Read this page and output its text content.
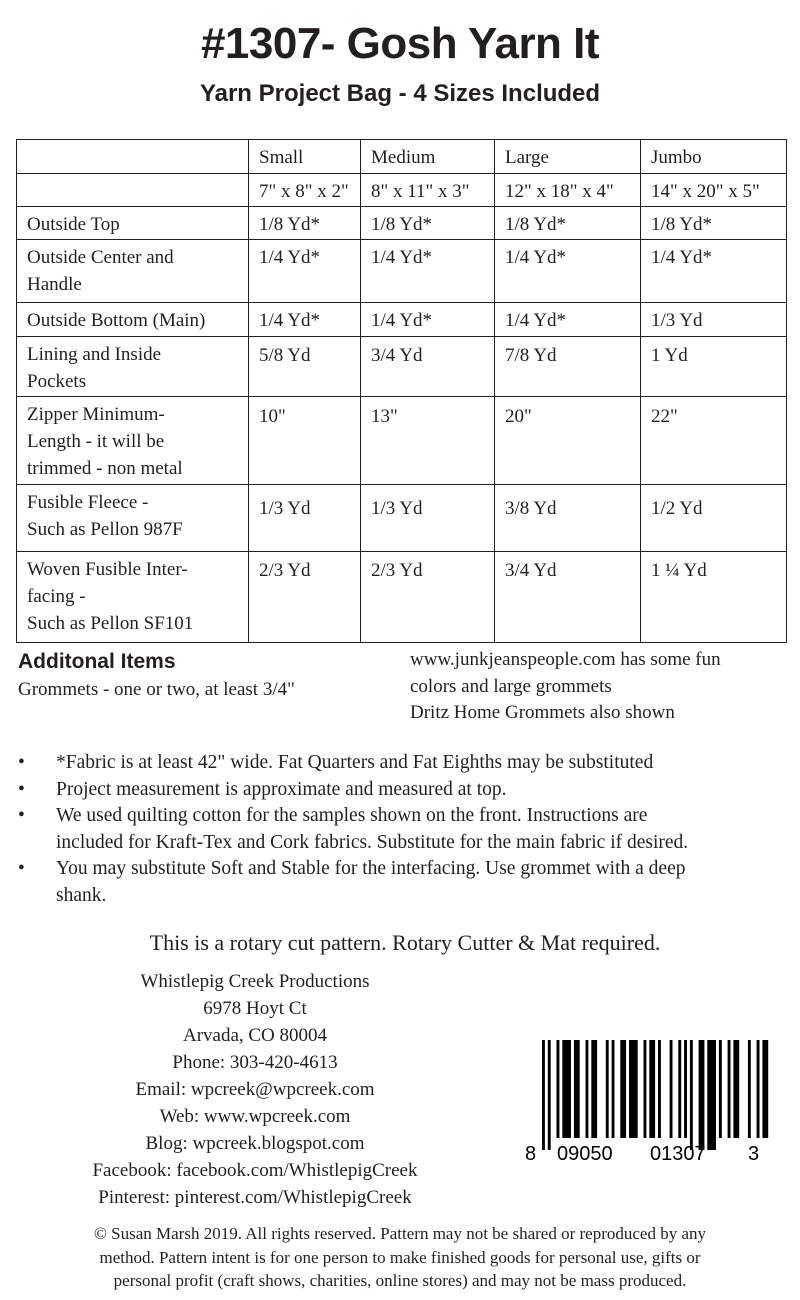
#1307- Gosh Yarn It
Yarn Project Bag - 4 Sizes Included
	Small	Medium	Large	Jumbo
	7" x 8" x 2"	8" x 11" x 3"	12" x 18" x 4"	14" x 20" x 5"

Outside Top	1/8 Yd*	1/8 Yd*	1/8 Yd*	1/8 Yd*

Outside Center and
Handle	1/4 Yd*	1/4 Yd*	1/4 Yd*	1/4 Yd*

Outside Bottom (Main)	1/4 Yd*	1/4 Yd*	1/4 Yd*	1/3 Yd

Lining and Inside
Pockets	5/8 Yd	3/4 Yd	7/8 Yd	1 Yd

Zipper Minimum-
Length - it will be
trimmed - non metal	10"	13"	20"	22"

Fusible Fleece -
Such as Pellon 987F	1/3 Yd	1/3 Yd	3/8 Yd	1/2 Yd

Woven Fusible Inter-
facing -
Such as Pellon SF101	2/3 Yd	2/3 Yd	3/4 Yd	1 ¼ Yd
Additonal Items
Grommets - one or two, at least 3/4"
www.junkjeanspeople.com has some fun
colors and large grommets
Dritz Home Grommets also shown
• *Fabric is at least 42" wide. Fat Quarters and Fat Eighths may be substituted
• Project measurement is approximate and measured at top.
• We used quilting cotton for the samples shown on the front. Instructions are
included for Kraft-Tex and Cork fabrics. Substitute for the main fabric if desired.
• You may substitute Soft and Stable for the interfacing. Use grommet with a deep
shank.
This is a rotary cut pattern. Rotary Cutter & Mat required.
Whistlepig Creek Productions
6978 Hoyt Ct
Arvada, CO 80004
Phone: 303-420-4613
Email: wpcreek@wpcreek.com
Web: www.wpcreek.com
Blog: wpcreek.blogspot.com
Facebook: facebook.com/WhistlepigCreek
Pinterest: pinterest.com/WhistlepigCreek
8 09050 01307 3
© Susan Marsh 2019. All rights reserved. Pattern may not be shared or reproduced by any
method. Pattern intent is for one person to make finished goods for personal use, gifts or
personal profit (craft shows, charities, online stores) and may not be mass produced.
